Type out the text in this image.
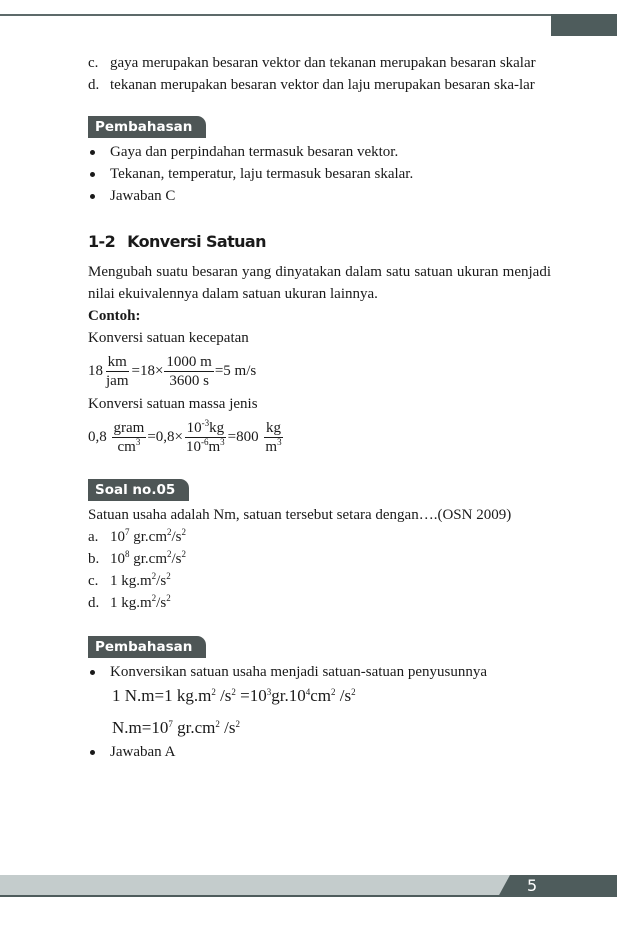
c. gaya merupakan besaran vektor dan tekanan merupakan besaran skalar
d. tekanan merupakan besaran vektor dan laju merupakan besaran ska-lar
Pembahasan
Gaya dan perpindahan termasuk besaran vektor.
Tekanan, temperatur, laju termasuk besaran skalar.
Jawaban C
1-2 Konversi Satuan
Mengubah suatu besaran yang dinyatakan dalam satu satuan ukuran menjadi nilai ekuivalennya dalam satuan ukuran lainnya.
Contoh:
Konversi satuan kecepatan
$18 \frac{km}{\text{jam}} =18\times \frac{1000 m}{3600 s} =5$ m/s
Konversi satuan massa jenis
0,8
$\frac{\text{gram}}{cm^3} =0,8\times \frac{10^{-3}kg}{10^{-6}m^3} =800$
$\frac{kg}{m^3}$
Soal no.05
Satuan usaha adalah Nm, satuan tersebut setara dengan….(OSN 2009)
a. $10^7$ $gr.cm^2/s^2$
b. $10^8$ $gr.cm^2/s^2$
c. 1 $kg.m^2/s^2$
d. 1 $kg.m^2/s^2$
Pembahasan
Konversikan satuan usaha menjadi satuan-satuan penyusunnya
1 N.m=1 $kg.m^2$ $/s^2 =10^3gr.10^4cm^2$ $/s^2$
$N.m=10^7$ $gr.cm^2$ $/s^2$
Jawaban A
5
